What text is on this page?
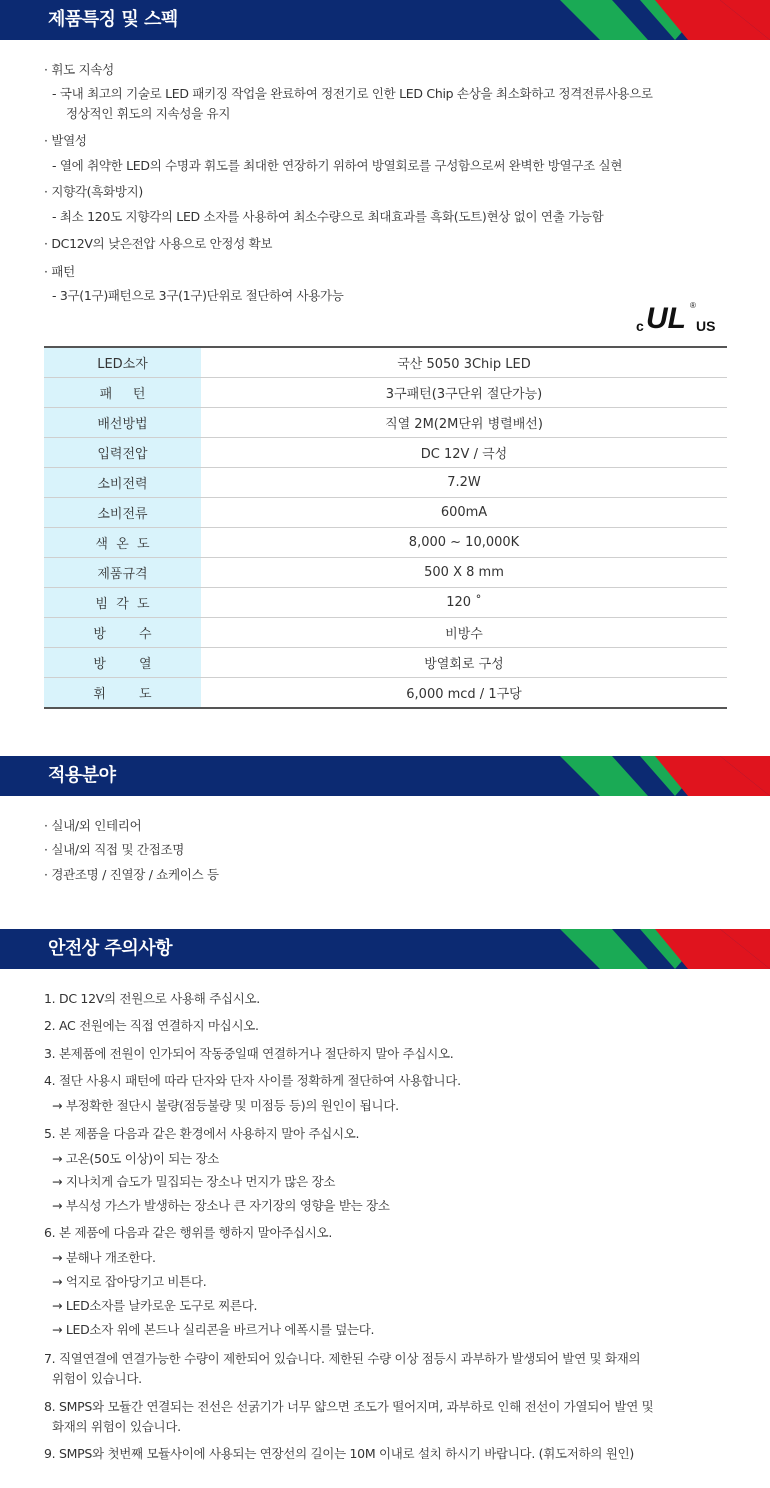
제품특징 및 스펙
· 휘도 지속성
- 국내 최고의 기술로 LED 패키징 작업을 완료하여 정전기로 인한 LED Chip 손상을 최소화하고 정격전류사용으로
정상적인 휘도의 지속성을 유지
· 발열성
- 열에 취약한 LED의 수명과 휘도를 최대한 연장하기 위하여 방열회로를 구성함으로써 완벽한 방열구조 실현
· 지향각(흑화방지)
- 최소 120도 지향각의 LED 소자를 사용하여 최소수량으로 최대효과를 흑화(도트)현상 없이 연출 가능함
· DC12V의 낮은전압 사용으로 안정성 확보
· 패턴
- 3구(1구)패턴으로 3구(1구)단위로 절단하여 사용가능
c UL ®
US
LED소자	국산 5050 3Chip LED
패     턴	3구패턴(3구단위 절단가능)
배선방법	직열 2M(2M단위 병렬배선)
입력전압	DC 12V / 극성
소비전력	7.2W
소비전류	600mA
색  온  도	8,000 ~ 10,000K
제품규격	500 X 8 mm
빔  각  도	120 ˚
방        수	비방수
방        열	방열회로 구성
휘        도	6,000 mcd / 1구당
적용분야
· 실내/외 인테리어
· 실내/외 직접 및 간접조명
· 경관조명 / 진열장 / 쇼케이스 등
안전상 주의사항
1. DC 12V의 전원으로 사용해 주십시오.
2. AC 전원에는 직접 연결하지 마십시오.
3. 본제품에 전원이 인가되어 작동중일때 연결하거나 절단하지 말아 주십시오.
4. 절단 사용시 패턴에 따라 단자와 단자 사이를 정확하게 절단하여 사용합니다.
→ 부정확한 절단시 불량(점등불량 및 미점등 등)의 원인이 됩니다.
5. 본 제품을 다음과 같은 환경에서 사용하지 말아 주십시오.
→ 고온(50도 이상)이 되는 장소
→ 지나치게 습도가 밀집되는 장소나 먼지가 많은 장소
→ 부식성 가스가 발생하는 장소나 큰 자기장의 영향을 받는 장소
6. 본 제품에 다음과 같은 행위를 행하지 말아주십시오.
→ 분해나 개조한다.
→ 억지로 잡아당기고 비튼다.
→ LED소자를 날카로운 도구로 찌른다.
→ LED소자 위에 본드나 실리콘을 바르거나 에폭시를 덮는다.
7. 직열연결에 연결가능한 수량이 제한되어 있습니다. 제한된 수량 이상 점등시 과부하가 발생되어 발연 및 화재의
위험이 있습니다.
8. SMPS와 모듈간 연결되는 전선은 선굵기가 너무 얇으면 조도가 떨어지며, 과부하로 인해 전선이 가열되어 발연 및
화재의 위험이 있습니다.
9. SMPS와 첫번째 모듈사이에 사용되는 연장선의 길이는 10M 이내로 설치 하시기 바랍니다. (휘도저하의 원인)
